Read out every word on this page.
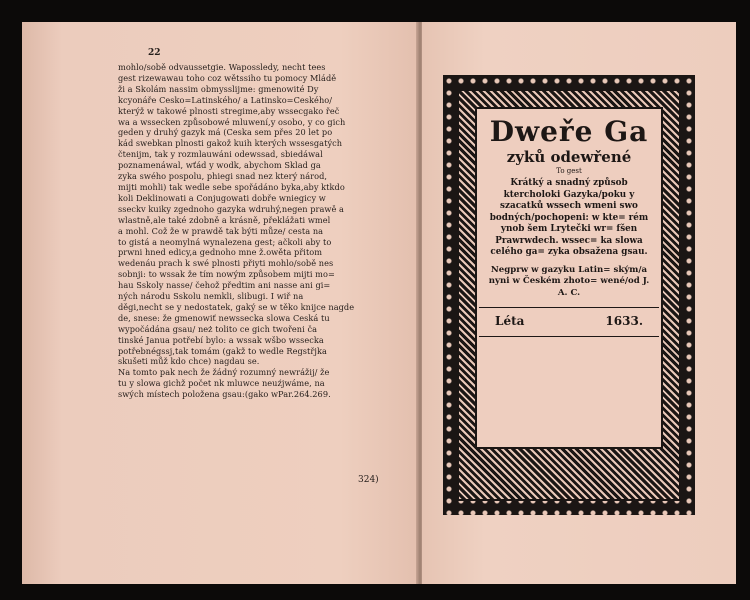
22
mohlo/sobě odvaussetgie. Wapossledy, necht tees
gest rizewawau toho coz wětssiho tu pomocy Mládě
ži a Skolám nassim obmysslijme: gmenowité Dy
kcyonáře Cesko=Latinského/ a Latinsko=Ceského/
kterýž w takowé plnosti stregime,aby wssecgako řeč
wa a wssecken způsobowé mluwení,y osobo, y co gich
geden y druhý gazyk má (Ceska sem přes 20 let po
kád swebkan plnosti gakož kuih kterých wssesgatých
čtenijm, tak y rozmlauwáni odewssad, sbiedáwal
poznamenáwal, wťád y wodk, abychom Sklad ga
zyka swého pospolu, phiegi snad nez který národ,
mijti mohli) tak wedle sebe spořádáno byka,aby ktkdo
koli Deklinowati a Conjugowati dobře wniegicy w
sseckv kuiky zgednoho gazyka wdruhý,negen prawě a
wlastně,ale také zdobně a krásně, překlážati wmel
a mohl. Což že w prawdě tak býti můze/ cesta na
to gistá a neomylná wynalezena gest; ačkoli aby to
prwni hned edicy,a gednoho mne ž.owěta přitom
wedenáu prach k swé plnosti přiyti mohlo/sobě nes
sobnji: to wssak že tím nowým způsobem mijti mo=
hau Sskoly nasse/ čehož předtim ani nasse ani gi=
ných národu Sskolu nemkli, slibugi. I wiř na
děgi,necht se y nedostatek, gaký se w těko knijce nagde
de, snese: že gmenowiť newssecka slowa Ceská tu
wypočádána gsau/ neż tolito ce gich twořeni ča
tinské Janua potřebí bylo: a wssak wšbo wssecka
potřebnégssj,tak tomám (gakž to wedle Regstřjka
skušeti můž kdo chce) nagdau se.
Na tomto pak nech že žádný rozumný newrážij/ že
tu y slowa gichž počet nk mluwce neuźjwáme, na
swých místech položena gsau:(gako wPar.264.269.
324)
Dweře Ga
zyků odewřené
To gest
Krátký a snadný způsob ktercholoki Gazyka/poku y szacatků wssech wmeni swo bodných/pochopeni: w kte= rém ynob šem Lrytečki wr= fšen Prawrwdech. wssec= ka slowa celého ga= zyka obsažena gsau.
Negprw w gazyku Latin= ským/a nyni w Českém zhoto= wené/od J. A. C.
Léta	1633.
